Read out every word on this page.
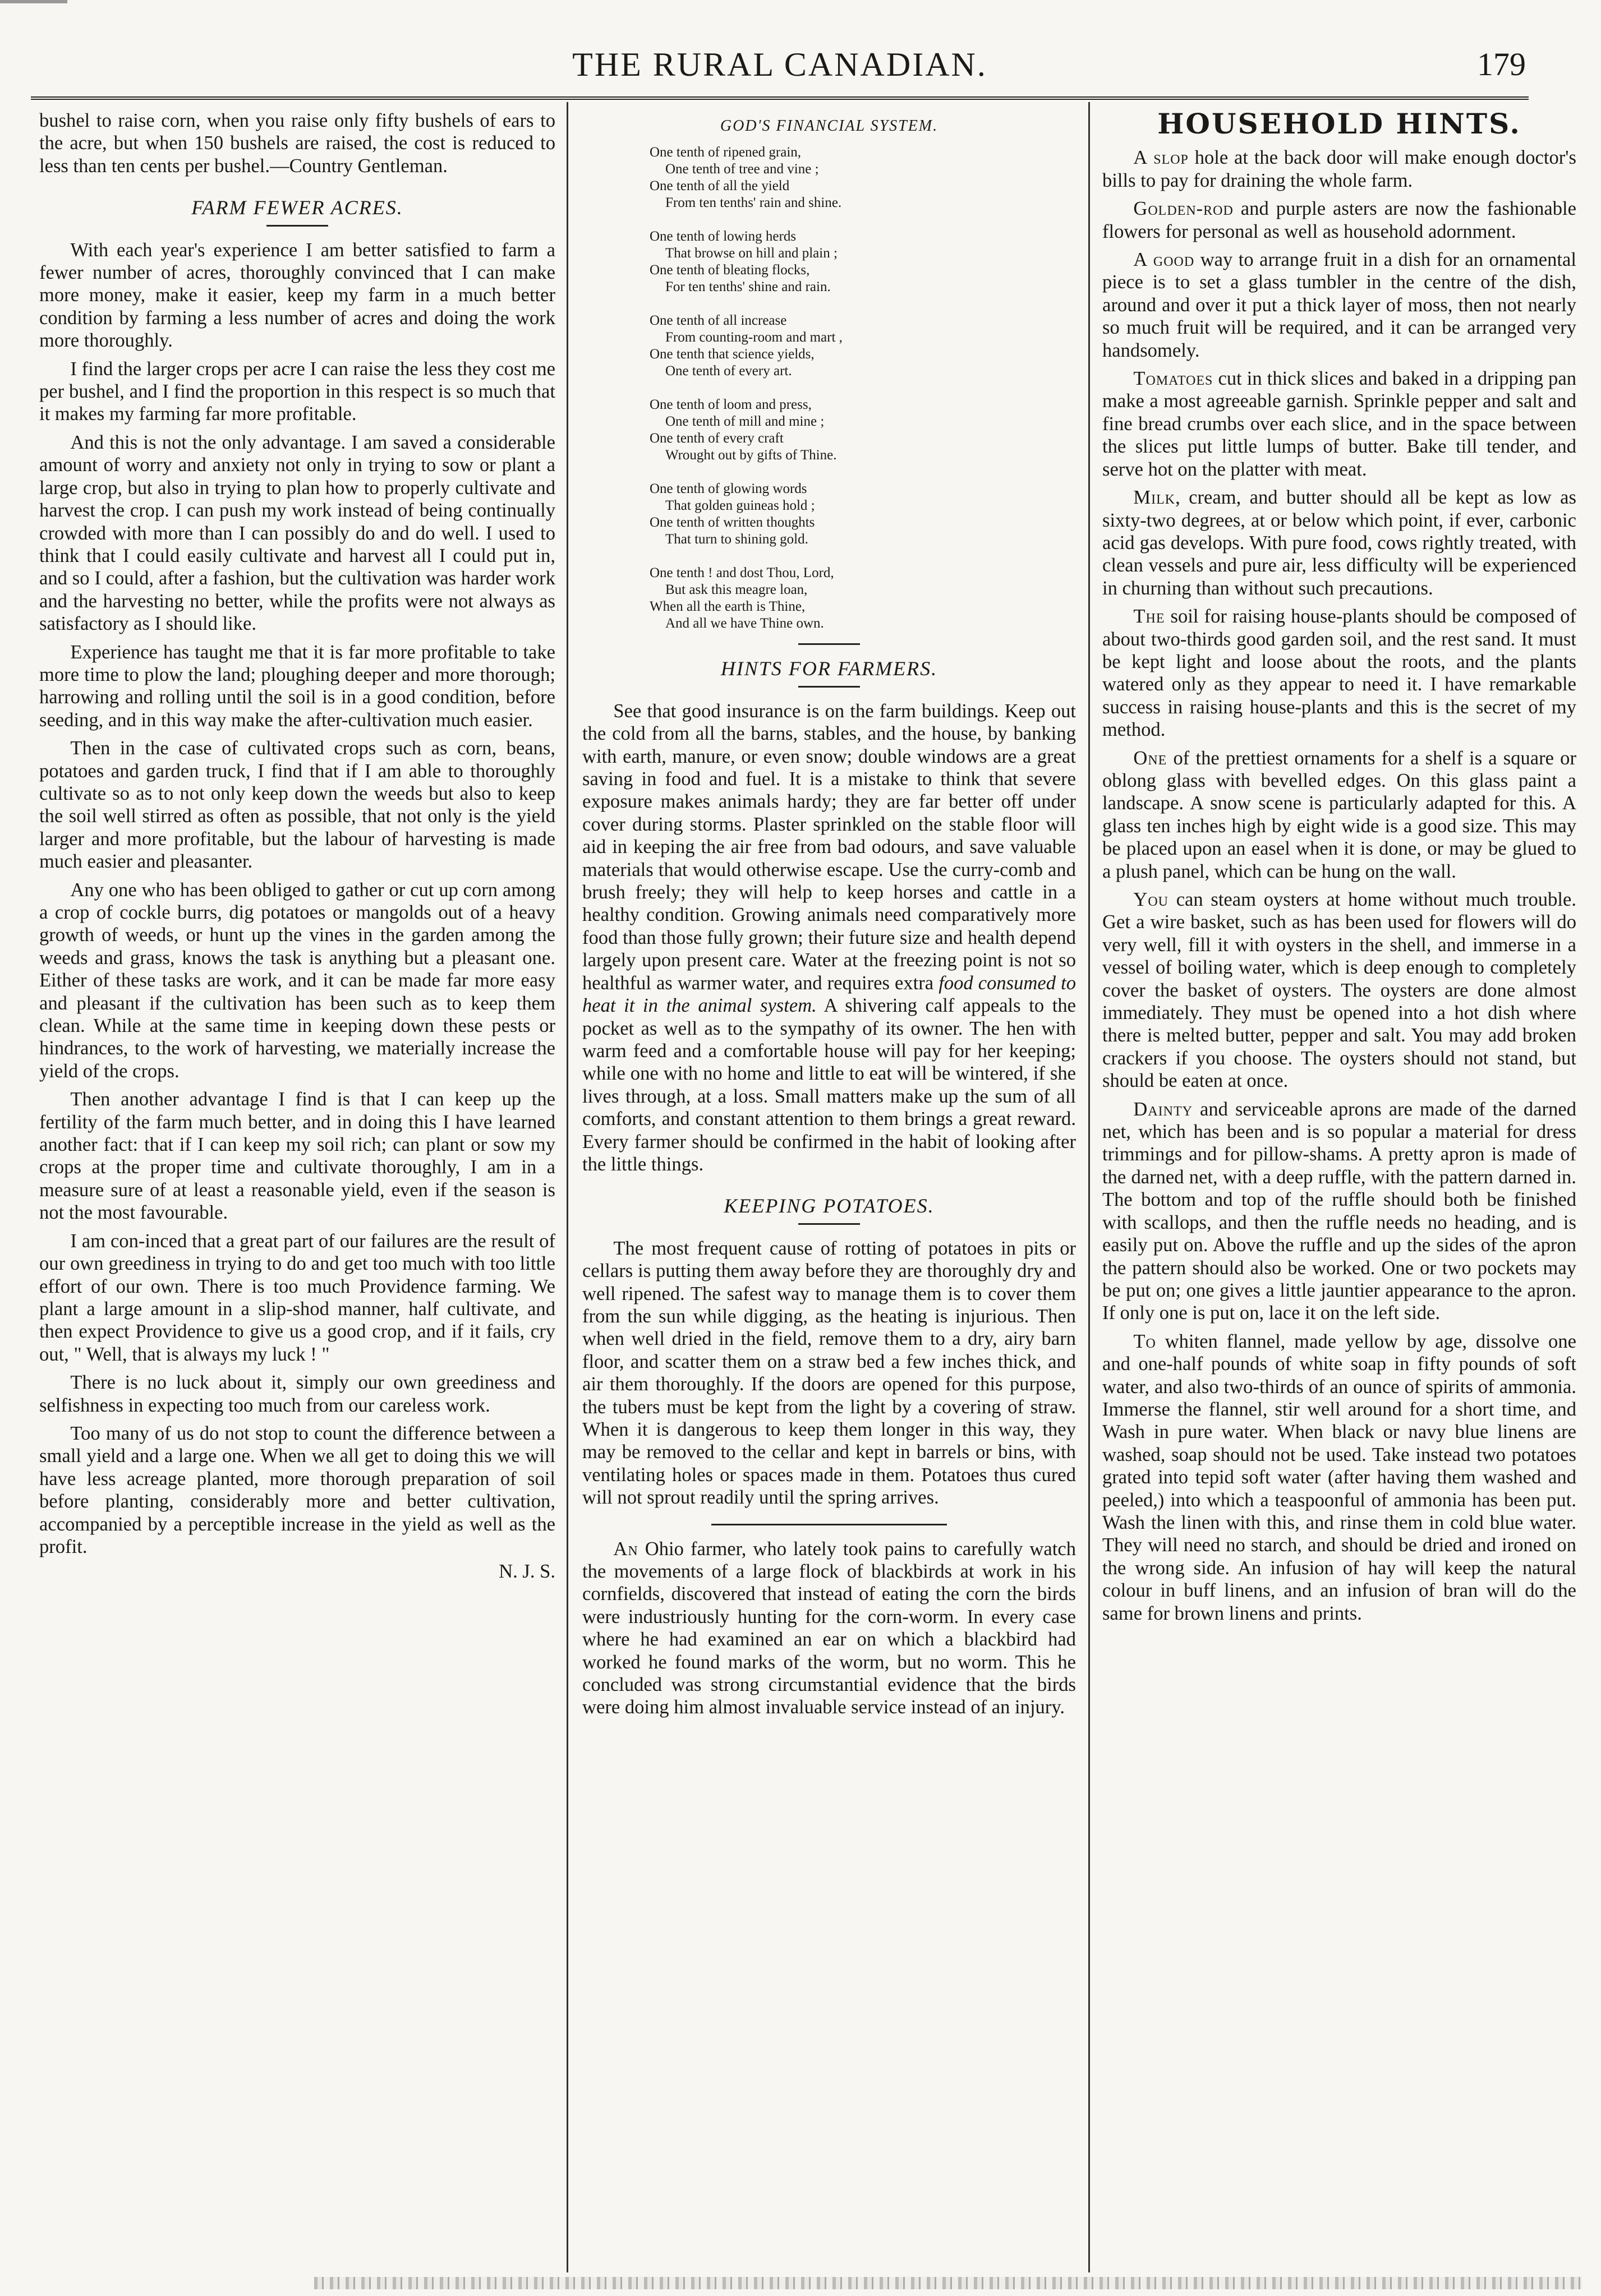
THE RURAL CANADIAN.	179

bushel to raise corn, when you raise only fifty bushels of ears to the acre, but when 150 bushels are raised, the cost is reduced to less than ten cents per bushel.—Country Gentleman.

FARM FEWER ACRES.

With each year's experience I am better satisfied to farm a fewer number of acres, thoroughly convinced that I can make more money, make it easier, keep my farm in a much better condition by farming a less number of acres and doing the work more thoroughly.

I find the larger crops per acre I can raise the less they cost me per bushel, and I find the proportion in this respect is so much that it makes my farming far more profitable.

And this is not the only advantage. I am saved a considerable amount of worry and anxiety not only in trying to sow or plant a large crop, but also in trying to plan how to properly cultivate and harvest the crop. I can push my work instead of being continually crowded with more than I can possibly do and do well. I used to think that I could easily cultivate and harvest all I could put in, and so I could, after a fashion, but the cultivation was harder work and the harvesting no better, while the profits were not always as satisfactory as I should like.

Experience has taught me that it is far more profitable to take more time to plow the land; ploughing deeper and more thorough; harrowing and rolling until the soil is in a good condition, before seeding, and in this way make the after-cultivation much easier.

Then in the case of cultivated crops such as corn, beans, potatoes and garden truck, I find that if I am able to thoroughly cultivate so as to not only keep down the weeds but also to keep the soil well stirred as often as possible, that not only is the yield larger and more profitable, but the labour of harvesting is made much easier and pleasanter.

Any one who has been obliged to gather or cut up corn among a crop of cockle burrs, dig potatoes or mangolds out of a heavy growth of weeds, or hunt up the vines in the garden among the weeds and grass, knows the task is anything but a pleasant one. Either of these tasks are work, and it can be made far more easy and pleasant if the cultivation has been such as to keep them clean. While at the same time in keeping down these pests or hindrances, to the work of harvesting, we materially increase the yield of the crops.

Then another advantage I find is that I can keep up the fertility of the farm much better, and in doing this I have learned another fact: that if I can keep my soil rich; can plant or sow my crops at the proper time and cultivate thoroughly, I am in a measure sure of at least a reasonable yield, even if the season is not the most favourable.

I am con-inced that a great part of our failures are the result of our own greediness in trying to do and get too much with too little effort of our own. There is too much Providence farming. We plant a large amount in a slip-shod manner, half cultivate, and then expect Providence to give us a good crop, and if it fails, cry out, " Well, that is always my luck ! "

There is no luck about it, simply our own greediness and selfishness in expecting too much from our careless work.

Too many of us do not stop to count the difference between a small yield and a large one. When we all get to doing this we will have less acreage planted, more thorough preparation of soil before planting, considerably more and better cultivation, accompanied by a perceptible increase in the yield as well as the profit.

N. J. S.

GOD'S FINANCIAL SYSTEM.
One tenth of ripened grain,
One tenth of tree and vine ;
One tenth of all the yield
From ten tenths' rain and shine.
One tenth of lowing herds
That browse on hill and plain ;
One tenth of bleating flocks,
For ten tenths' shine and rain.
One tenth of all increase
From counting-room and mart ,
One tenth that science yields,
One tenth of every art.
One tenth of loom and press,
One tenth of mill and mine ;
One tenth of every craft
Wrought out by gifts of Thine.
One tenth of glowing words
That golden guineas hold ;
One tenth of written thoughts
That turn to shining gold.
One tenth ! and dost Thou, Lord,
But ask this meagre loan,
When all the earth is Thine,
And all we have Thine own.
HINTS FOR FARMERS.

See that good insurance is on the farm buildings. Keep out the cold from all the barns, stables, and the house, by banking with earth, manure, or even snow; double windows are a great saving in food and fuel. It is a mistake to think that severe exposure makes animals hardy; they are far better off under cover during storms. Plaster sprinkled on the stable floor will aid in keeping the air free from bad odours, and save valuable materials that would otherwise escape. Use the curry-comb and brush freely; they will help to keep horses and cattle in a healthy condition. Growing animals need comparatively more food than those fully grown; their future size and health depend largely upon present care. Water at the freezing point is not so healthful as warmer water, and requires extra food consumed to heat it in the animal system. A shivering calf appeals to the pocket as well as to the sympathy of its owner. The hen with warm feed and a comfortable house will pay for her keeping; while one with no home and little to eat will be wintered, if she lives through, at a loss. Small matters make up the sum of all comforts, and constant attention to them brings a great reward. Every farmer should be confirmed in the habit of looking after the little things.

KEEPING POTATOES.

The most frequent cause of rotting of potatoes in pits or cellars is putting them away before they are thoroughly dry and well ripened. The safest way to manage them is to cover them from the sun while digging, as the heating is injurious. Then when well dried in the field, remove them to a dry, airy barn floor, and scatter them on a straw bed a few inches thick, and air them thoroughly. If the doors are opened for this purpose, the tubers must be kept from the light by a covering of straw. When it is dangerous to keep them longer in this way, they may be removed to the cellar and kept in barrels or bins, with ventilating holes or spaces made in them. Potatoes thus cured will not sprout readily until the spring arrives.

An Ohio farmer, who lately took pains to carefully watch the movements of a large flock of blackbirds at work in his cornfields, discovered that instead of eating the corn the birds were industriously hunting for the corn-worm. In every case where he had examined an ear on which a blackbird had worked he found marks of the worm, but no worm. This he concluded was strong circumstantial evidence that the birds were doing him almost invaluable service instead of an injury.

HOUSEHOLD HINTS.

A slop hole at the back door will make enough doctor's bills to pay for draining the whole farm.

Golden-rod and purple asters are now the fashionable flowers for personal as well as household adornment.

A good way to arrange fruit in a dish for an ornamental piece is to set a glass tumbler in the centre of the dish, around and over it put a thick layer of moss, then not nearly so much fruit will be required, and it can be arranged very handsomely.

Tomatoes cut in thick slices and baked in a dripping pan make a most agreeable garnish. Sprinkle pepper and salt and fine bread crumbs over each slice, and in the space between the slices put little lumps of butter. Bake till tender, and serve hot on the platter with meat.

Milk, cream, and butter should all be kept as low as sixty-two degrees, at or below which point, if ever, carbonic acid gas develops. With pure food, cows rightly treated, with clean vessels and pure air, less difficulty will be experienced in churning than without such precautions.

The soil for raising house-plants should be composed of about two-thirds good garden soil, and the rest sand. It must be kept light and loose about the roots, and the plants watered only as they appear to need it. I have remarkable success in raising house-plants and this is the secret of my method.

One of the prettiest ornaments for a shelf is a square or oblong glass with bevelled edges. On this glass paint a landscape. A snow scene is particularly adapted for this. A glass ten inches high by eight wide is a good size. This may be placed upon an easel when it is done, or may be glued to a plush panel, which can be hung on the wall.

You can steam oysters at home without much trouble. Get a wire basket, such as has been used for flowers will do very well, fill it with oysters in the shell, and immerse in a vessel of boiling water, which is deep enough to completely cover the basket of oysters. The oysters are done almost immediately. They must be opened into a hot dish where there is melted butter, pepper and salt. You may add broken crackers if you choose. The oysters should not stand, but should be eaten at once.

Dainty and serviceable aprons are made of the darned net, which has been and is so popular a material for dress trimmings and for pillow-shams. A pretty apron is made of the darned net, with a deep ruffle, with the pattern darned in. The bottom and top of the ruffle should both be finished with scallops, and then the ruffle needs no heading, and is easily put on. Above the ruffle and up the sides of the apron the pattern should also be worked. One or two pockets may be put on; one gives a little jauntier appearance to the apron. If only one is put on, lace it on the left side.

To whiten flannel, made yellow by age, dissolve one and one-half pounds of white soap in fifty pounds of soft water, and also two-thirds of an ounce of spirits of ammonia. Immerse the flannel, stir well around for a short time, and Wash in pure water. When black or navy blue linens are washed, soap should not be used. Take instead two potatoes grated into tepid soft water (after having them washed and peeled,) into which a teaspoonful of ammonia has been put. Wash the linen with this, and rinse them in cold blue water. They will need no starch, and should be dried and ironed on the wrong side. An infusion of hay will keep the natural colour in buff linens, and an infusion of bran will do the same for brown linens and prints.
